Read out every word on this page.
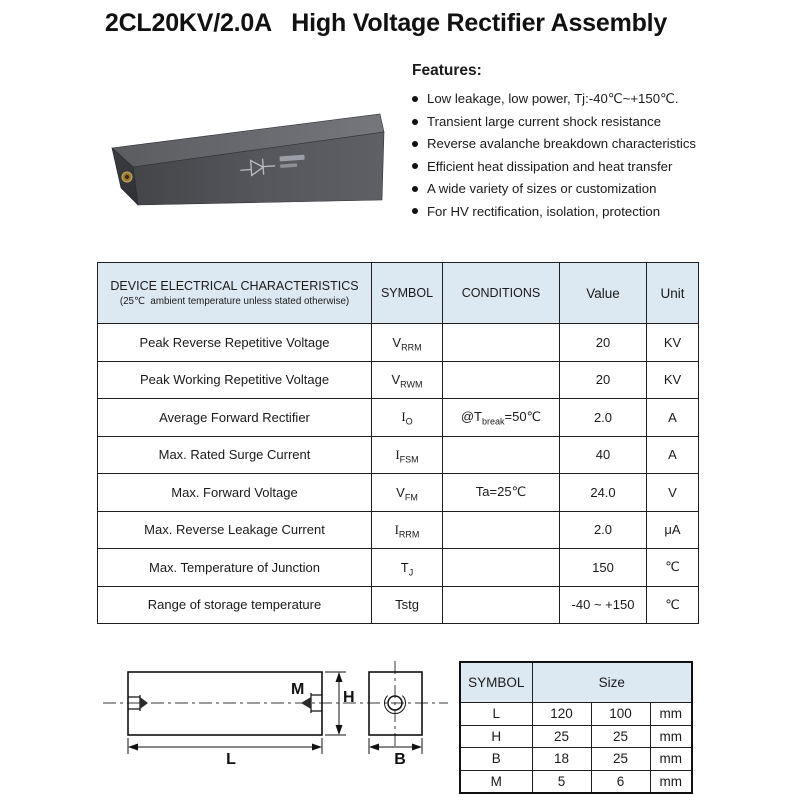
2CL20KV/2.0A   High Voltage Rectifier Assembly
Features:
Low leakage, low power, Tj:-40℃~+150℃.
Transient large current shock resistance
Reverse avalanche breakdown characteristics
Efficient heat dissipation and heat transfer
A wide variety of sizes or customization
For HV rectification, isolation, protection
DEVICE ELECTRICAL CHARACTERISTICS
(25℃  ambient temperature unless stated otherwise)	SYMBOL	CONDITIONS	Value	Unit
Peak Reverse Repetitive Voltage	$V_{RRM}$		20	KV
Peak Working Repetitive Voltage	$V_{RWM}$		20	KV
Average Forward Rectifier	$I_O$	$@T_{break}=50℃$	2.0	A
Max. Rated Surge Current	$I_{FSM}$		40	A
Max. Forward Voltage	$V_{FM}$	Ta=25℃	24.0	V
Max. Reverse Leakage Current	$I_{RRM}$		2.0	μA
Max. Temperature of Junction	$T_J$		150	℃
Range of storage temperature	Tstg		-40 ~ +150	℃
M H
L	B
SYMBOL	Size		
L	120	100	mm
H	25	25	mm
B	18	25	mm
M	5	6	mm
